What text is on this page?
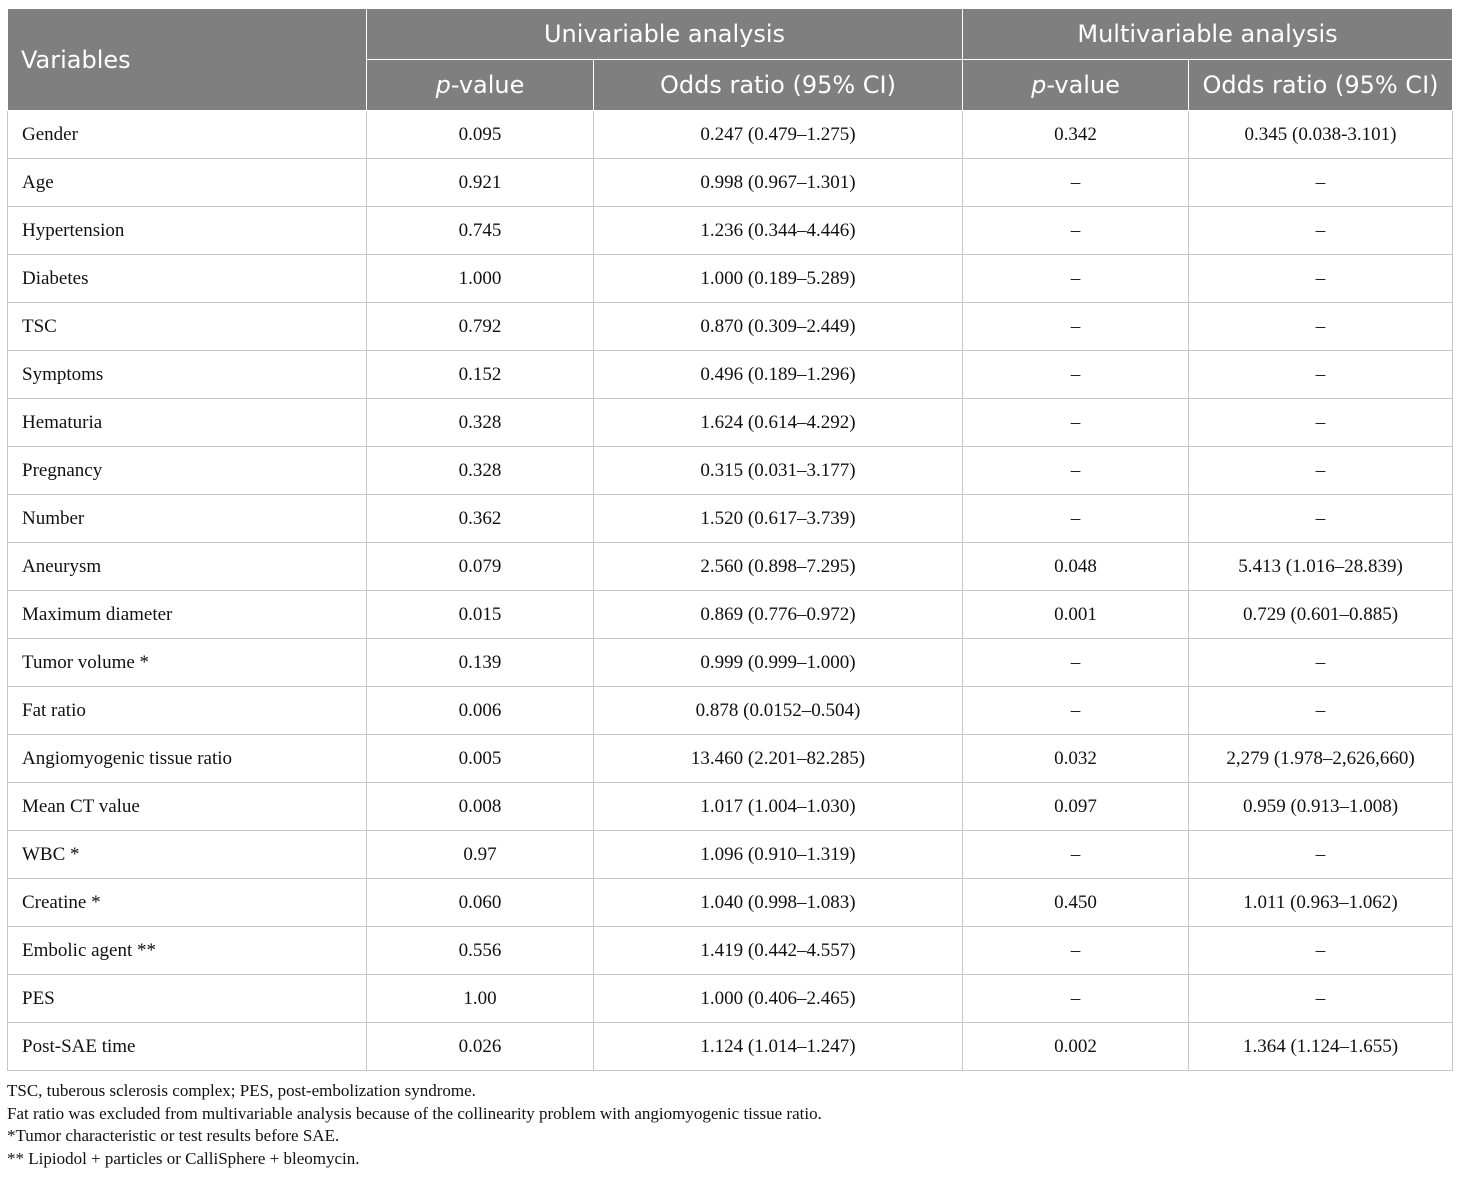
Variables	Univariable analysis		Multivariable analysis	
	p-value	Odds ratio (95% CI)	p-value	Odds ratio (95% CI)
Gender	0.095	0.247 (0.479–1.275)	0.342	0.345 (0.038-3.101)
Age	0.921	0.998 (0.967–1.301)	–	–
Hypertension	0.745	1.236 (0.344–4.446)	–	–
Diabetes	1.000	1.000 (0.189–5.289)	–	–
TSC	0.792	0.870 (0.309–2.449)	–	–
Symptoms	0.152	0.496 (0.189–1.296)	–	–
Hematuria	0.328	1.624 (0.614–4.292)	–	–
Pregnancy	0.328	0.315 (0.031–3.177)	–	–
Number	0.362	1.520 (0.617–3.739)	–	–
Aneurysm	0.079	2.560 (0.898–7.295)	0.048	5.413 (1.016–28.839)
Maximum diameter	0.015	0.869 (0.776–0.972)	0.001	0.729 (0.601–0.885)
Tumor volume *	0.139	0.999 (0.999–1.000)	–	–
Fat ratio	0.006	0.878 (0.0152–0.504)	–	–
Angiomyogenic tissue ratio	0.005	13.460 (2.201–82.285)	0.032	2,279 (1.978–2,626,660)
Mean CT value	0.008	1.017 (1.004–1.030)	0.097	0.959 (0.913–1.008)
WBC *	0.97	1.096 (0.910–1.319)	–	–
Creatine *	0.060	1.040 (0.998–1.083)	0.450	1.011 (0.963–1.062)
Embolic agent **	0.556	1.419 (0.442–4.557)	–	–
PES	1.00	1.000 (0.406–2.465)	–	–
Post-SAE time	0.026	1.124 (1.014–1.247)	0.002	1.364 (1.124–1.655)
TSC, tuberous sclerosis complex; PES, post-embolization syndrome.
Fat ratio was excluded from multivariable analysis because of the collinearity problem with angiomyogenic tissue ratio.
*Tumor characteristic or test results before SAE.
** Lipiodol + particles or CalliSphere + bleomycin.
